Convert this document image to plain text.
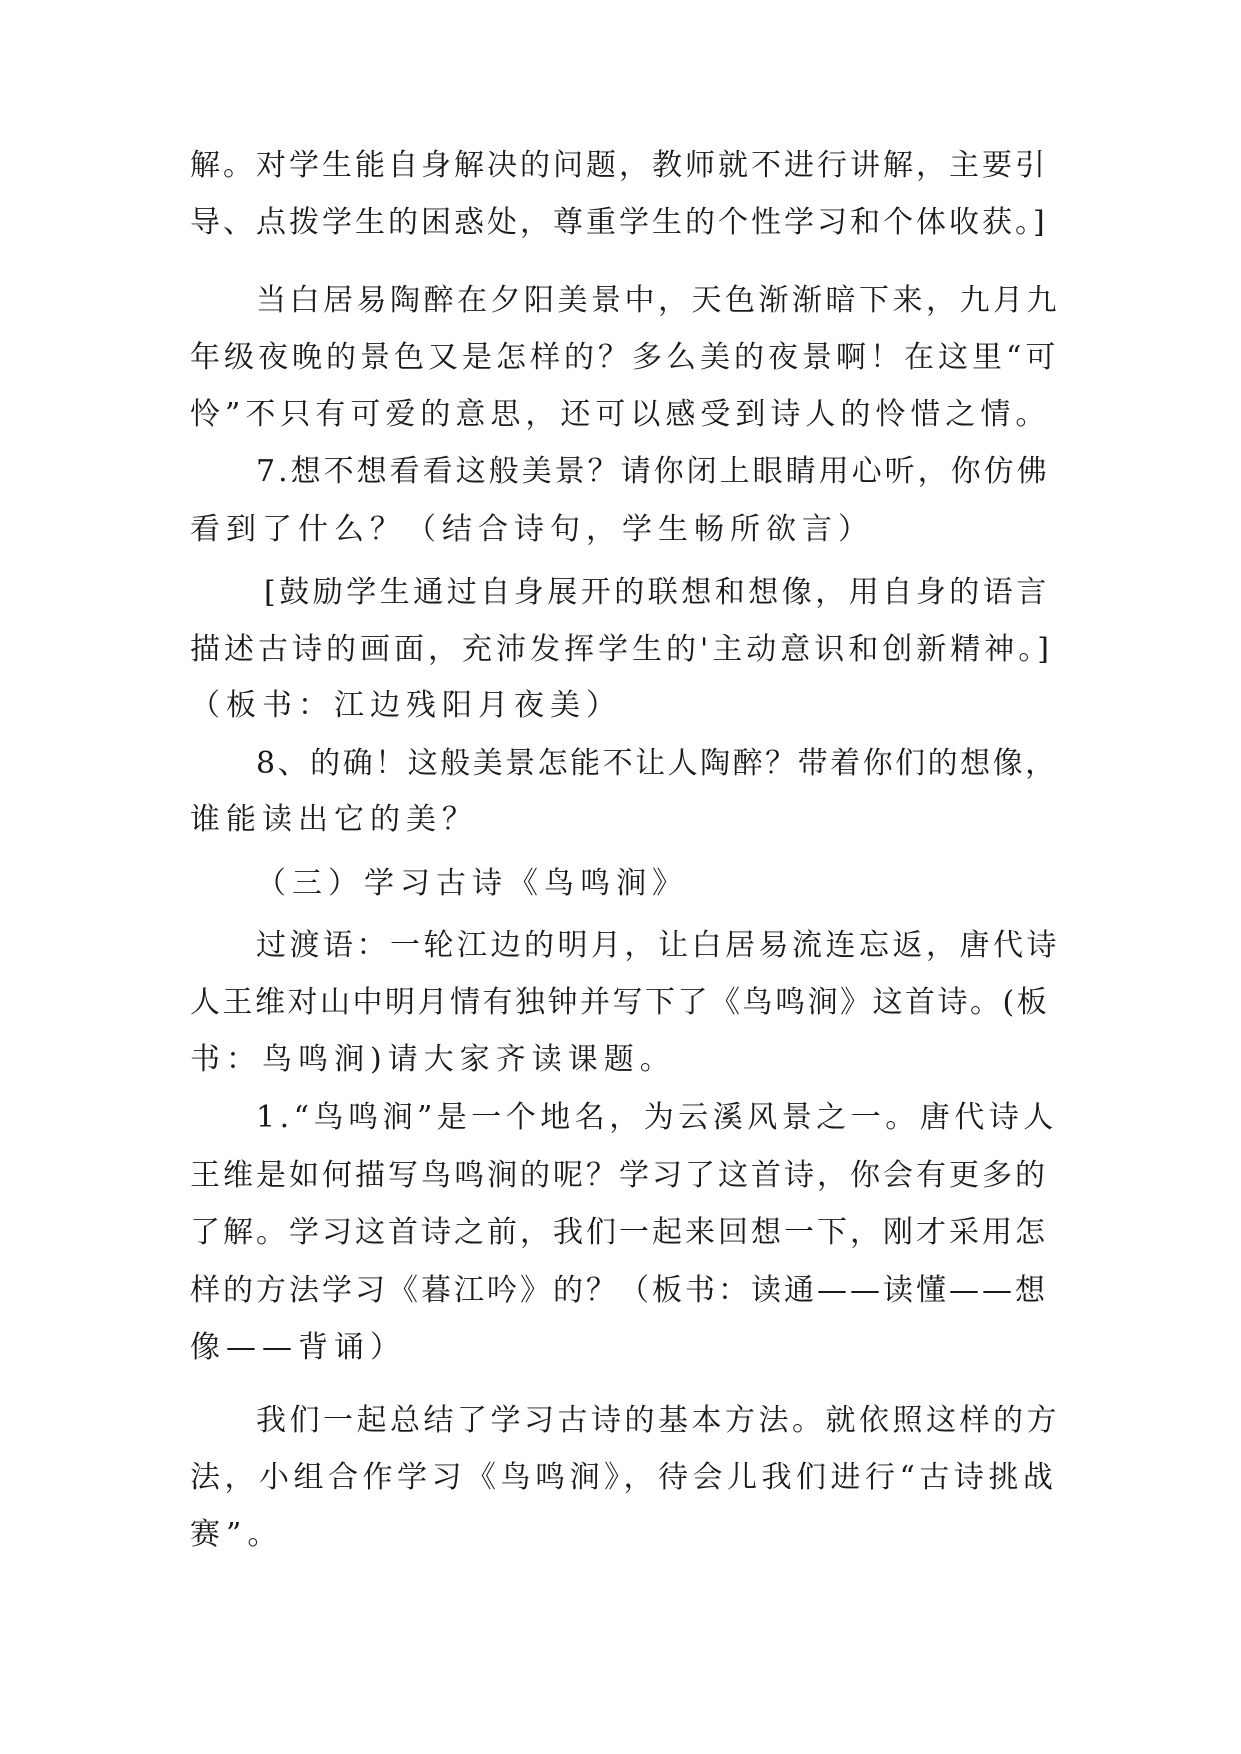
解。对学生能自身解决的问题，教师就不进行讲解，主要引
导、点拨学生的困惑处，尊重学生的个性学习和个体收获。]
当白居易陶醉在夕阳美景中，天色渐渐暗下来，九月九
年级夜晚的景色又是怎样的？多么美的夜景啊！在这里“可
怜”不只有可爱的意思，还可以感受到诗人的怜惜之情。
7.想不想看看这般美景？请你闭上眼睛用心听，你仿佛
看到了什么？（结合诗句，学生畅所欲言）
[鼓励学生通过自身展开的联想和想像，用自身的语言
描述古诗的画面，充沛发挥学生的'主动意识和创新精神。]
（板书：江边残阳月夜美）
8、的确！这般美景怎能不让人陶醉？带着你们的想像，
谁能读出它的美？
（三）学习古诗《鸟鸣涧》
过渡语：一轮江边的明月，让白居易流连忘返，唐代诗
人王维对山中明月情有独钟并写下了《鸟鸣涧》这首诗。(板
书：鸟鸣涧)请大家齐读课题。
1.“鸟鸣涧”是一个地名，为云溪风景之一。唐代诗人
王维是如何描写鸟鸣涧的呢？学习了这首诗，你会有更多的
了解。学习这首诗之前，我们一起来回想一下，刚才采用怎
样的方法学习《暮江吟》的？（板书：读通——读懂——想
像——背诵）
我们一起总结了学习古诗的基本方法。就依照这样的方
法，小组合作学习《鸟鸣涧》，待会儿我们进行“古诗挑战
赛”。
